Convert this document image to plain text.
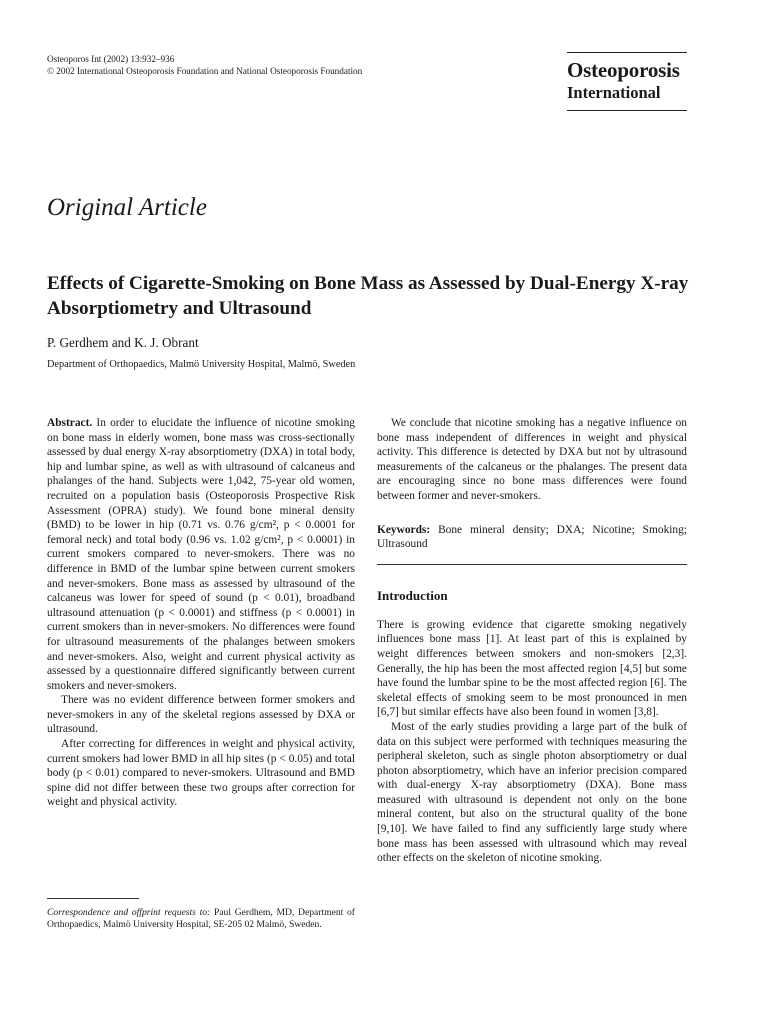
Osteoporos Int (2002) 13:932–936
© 2002 International Osteoporosis Foundation and National Osteoporosis Foundation	Osteoporosis
International
Original Article
Effects of Cigarette-Smoking on Bone Mass as Assessed by Dual-Energy X-ray Absorptiometry and Ultrasound
P. Gerdhem and K. J. Obrant
Department of Orthopaedics, Malmö University Hospital, Malmö, Sweden

Abstract. In order to elucidate the influence of nicotine smoking on bone mass in elderly women, bone mass was cross-sectionally assessed by dual energy X-ray absorptiometry (DXA) in total body, hip and lumbar spine, as well as with ultrasound of calcaneus and phalanges of the hand. Subjects were 1,042, 75-year old women, recruited on a population basis (Osteoporosis Prospective Risk Assessment (OPRA) study). We found bone mineral density (BMD) to be lower in hip (0.71 vs. 0.76 g/cm², p < 0.0001 for femoral neck) and total body (0.96 vs. 1.02 g/cm², p < 0.0001) in current smokers compared to never-smokers. There was no difference in BMD of the lumbar spine between current smokers and never-smokers. Bone mass as assessed by ultrasound of the calcaneus was lower for speed of sound (p < 0.01), broadband ultrasound attenuation (p < 0.0001) and stiffness (p < 0.0001) in current smokers than in never-smokers. No differences were found for ultrasound measurements of the phalanges between smokers and never-smokers. Also, weight and current physical activity as assessed by a questionnaire differed significantly between current smokers and never-smokers.

There was no evident difference between former smokers and never-smokers in any of the skeletal regions assessed by DXA or ultrasound.

After correcting for differences in weight and physical activity, current smokers had lower BMD in all hip sites (p < 0.05) and total body (p < 0.01) compared to never-smokers. Ultrasound and BMD spine did not differ between these two groups after correction for weight and physical activity.

We conclude that nicotine smoking has a negative influence on bone mass independent of differences in weight and physical activity. This difference is detected by DXA but not by ultrasound measurements of the calcaneus or the phalanges. The present data are encouraging since no bone mass differences were found between former and never-smokers.

Keywords: Bone mineral density; DXA; Nicotine; Smoking; Ultrasound

Introduction

There is growing evidence that cigarette smoking negatively influences bone mass [1]. At least part of this is explained by weight differences between smokers and non-smokers [2,3]. Generally, the hip has been the most affected region [4,5] but some have found the lumbar spine to be the most affected region [6]. The skeletal effects of smoking seem to be most pronounced in men [6,7] but similar effects have also been found in women [3,8].

Most of the early studies providing a large part of the bulk of data on this subject were performed with techniques measuring the peripheral skeleton, such as single photon absorptiometry or dual photon absorptiometry, which have an inferior precision compared with dual-energy X-ray absorptiometry (DXA). Bone mass measured with ultrasound is dependent not only on the bone mineral content, but also on the structural quality of the bone [9,10]. We have failed to find any sufficiently large study where bone mass has been assessed with ultrasound which may reveal other effects on the skeleton of nicotine smoking.

Correspondence and offprint requests to: Paul Gerdhem, MD, Department of Orthopaedics, Malmö University Hospital, SE-205 02 Malmö, Sweden.
